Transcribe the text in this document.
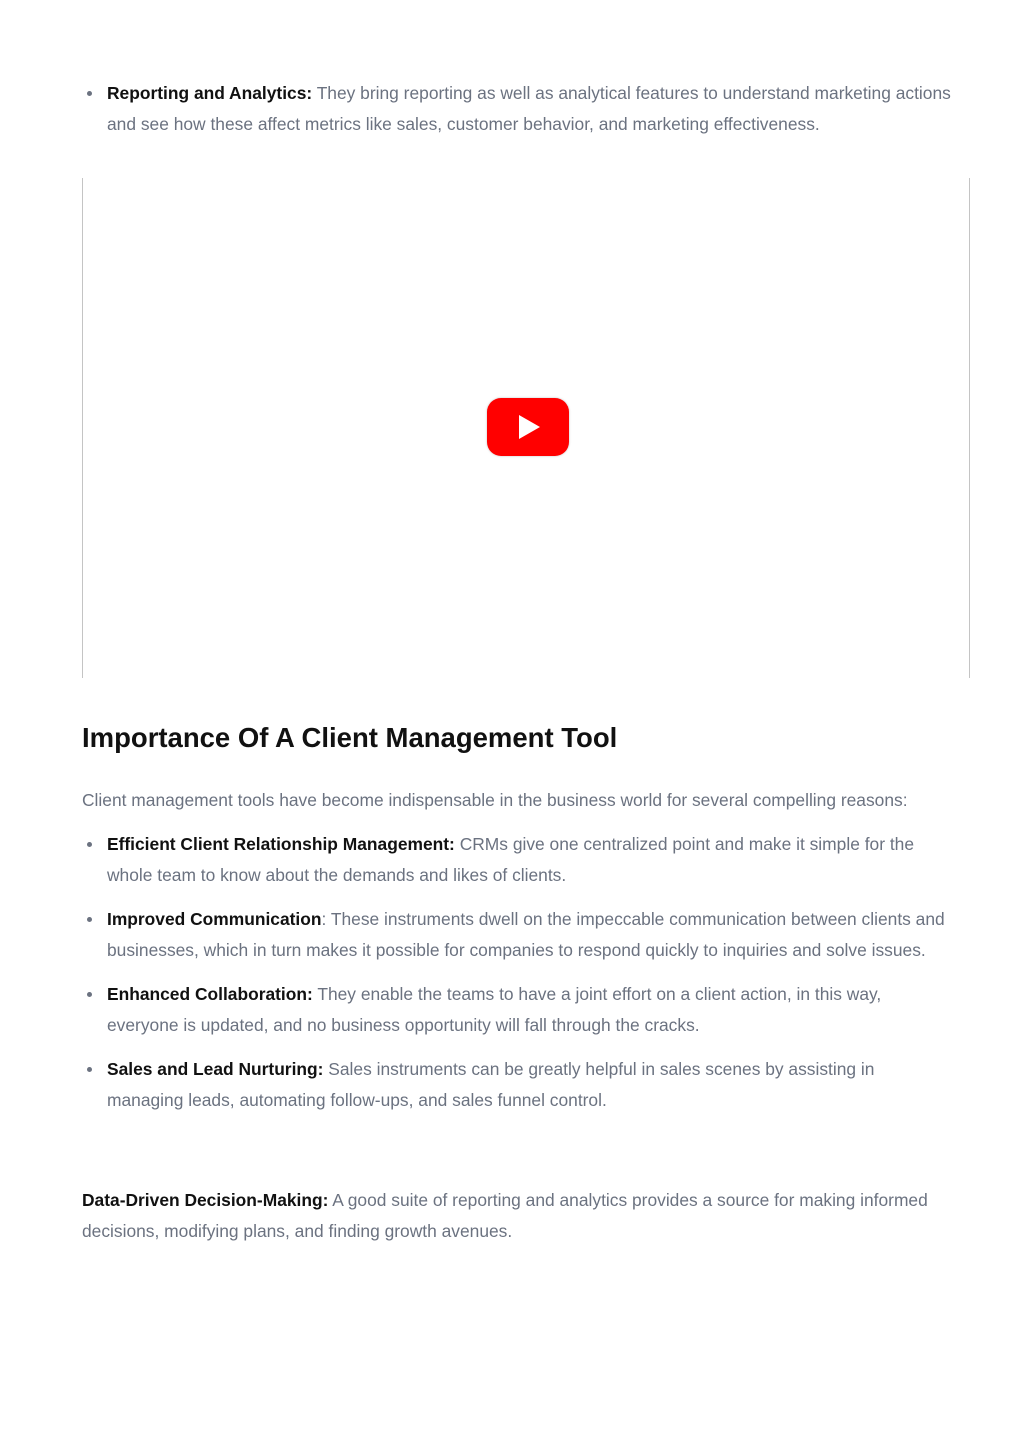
Reporting and Analytics: They bring reporting as well as analytical features to understand marketing actions and see how these affect metrics like sales, customer behavior, and marketing effectiveness.
Importance Of A Client Management Tool

Client management tools have become indispensable in the business world for several compelling reasons:

Efficient Client Relationship Management: CRMs give one centralized point and make it simple for the whole team to know about the demands and likes of clients.
Improved Communication: These instruments dwell on the impeccable communication between clients and businesses, which in turn makes it possible for companies to respond quickly to inquiries and solve issues.
Enhanced Collaboration: They enable the teams to have a joint effort on a client action, in this way, everyone is updated, and no business opportunity will fall through the cracks.
Sales and Lead Nurturing: Sales instruments can be greatly helpful in sales scenes by assisting in managing leads, automating follow-ups, and sales funnel control.

Data-Driven Decision-Making: A good suite of reporting and analytics provides a source for making informed decisions, modifying plans, and finding growth avenues.
